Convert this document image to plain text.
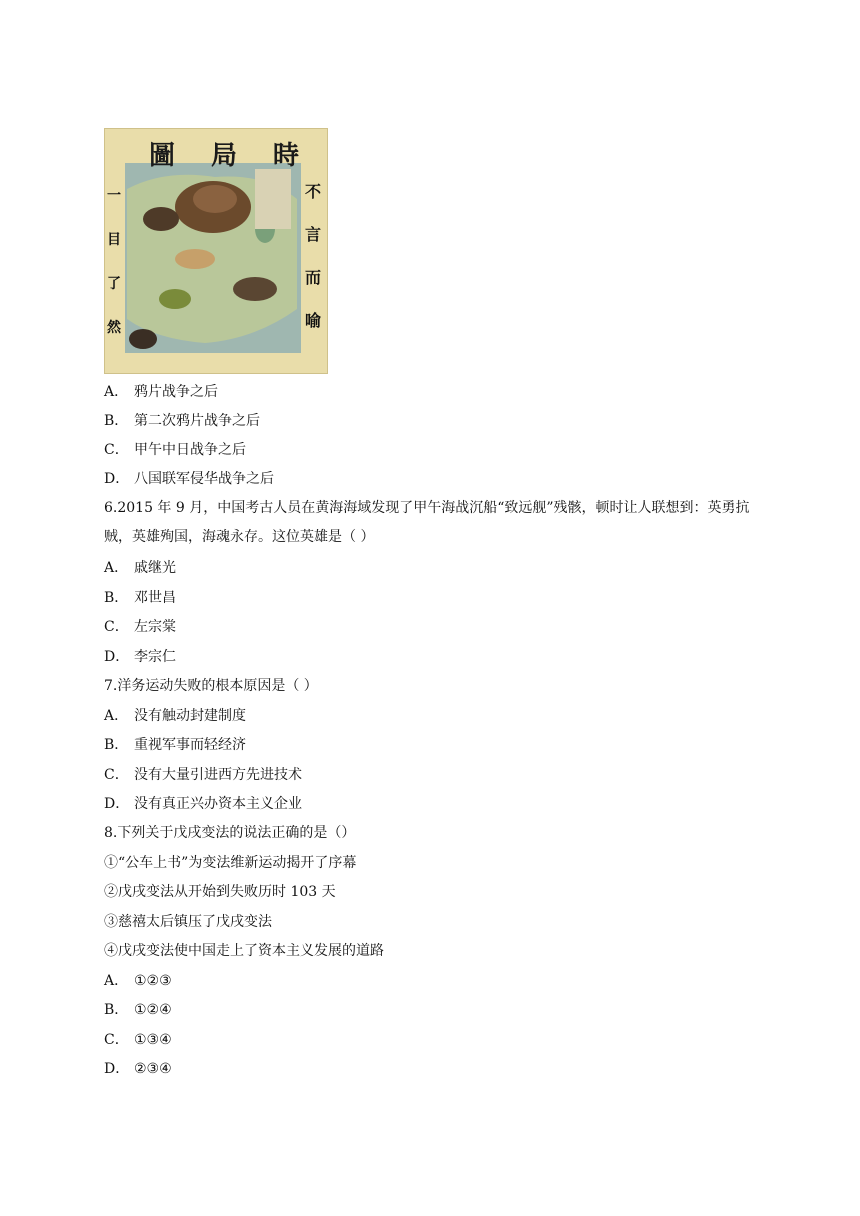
圖 局 時
一
目
了
然
不
言
而
喻
A． 鸦片战争之后
B． 第二次鸦片战争之后
C． 甲午中日战争之后
D． 八国联军侵华战争之后
6.2015 年 9 月，中国考古人员在黄海海域发现了甲午海战沉船“致远舰”残骸，顿时让人联想到：英勇抗贼，英雄殉国，海魂永存。这位英雄是（ ）
A． 戚继光
B． 邓世昌
C． 左宗棠
D． 李宗仁
7.洋务运动失败的根本原因是（ ）
A． 没有触动封建制度
B． 重视军事而轻经济
C． 没有大量引进西方先进技术
D． 没有真正兴办资本主义企业
8.下列关于戊戌变法的说法正确的是（）
①“公车上书”为变法维新运动揭开了序幕
②戊戌变法从开始到失败历时 103 天
③慈禧太后镇压了戊戌变法
④戊戌变法使中国走上了资本主义发展的道路
A． ①②③
B． ①②④
C． ①③④
D． ②③④
